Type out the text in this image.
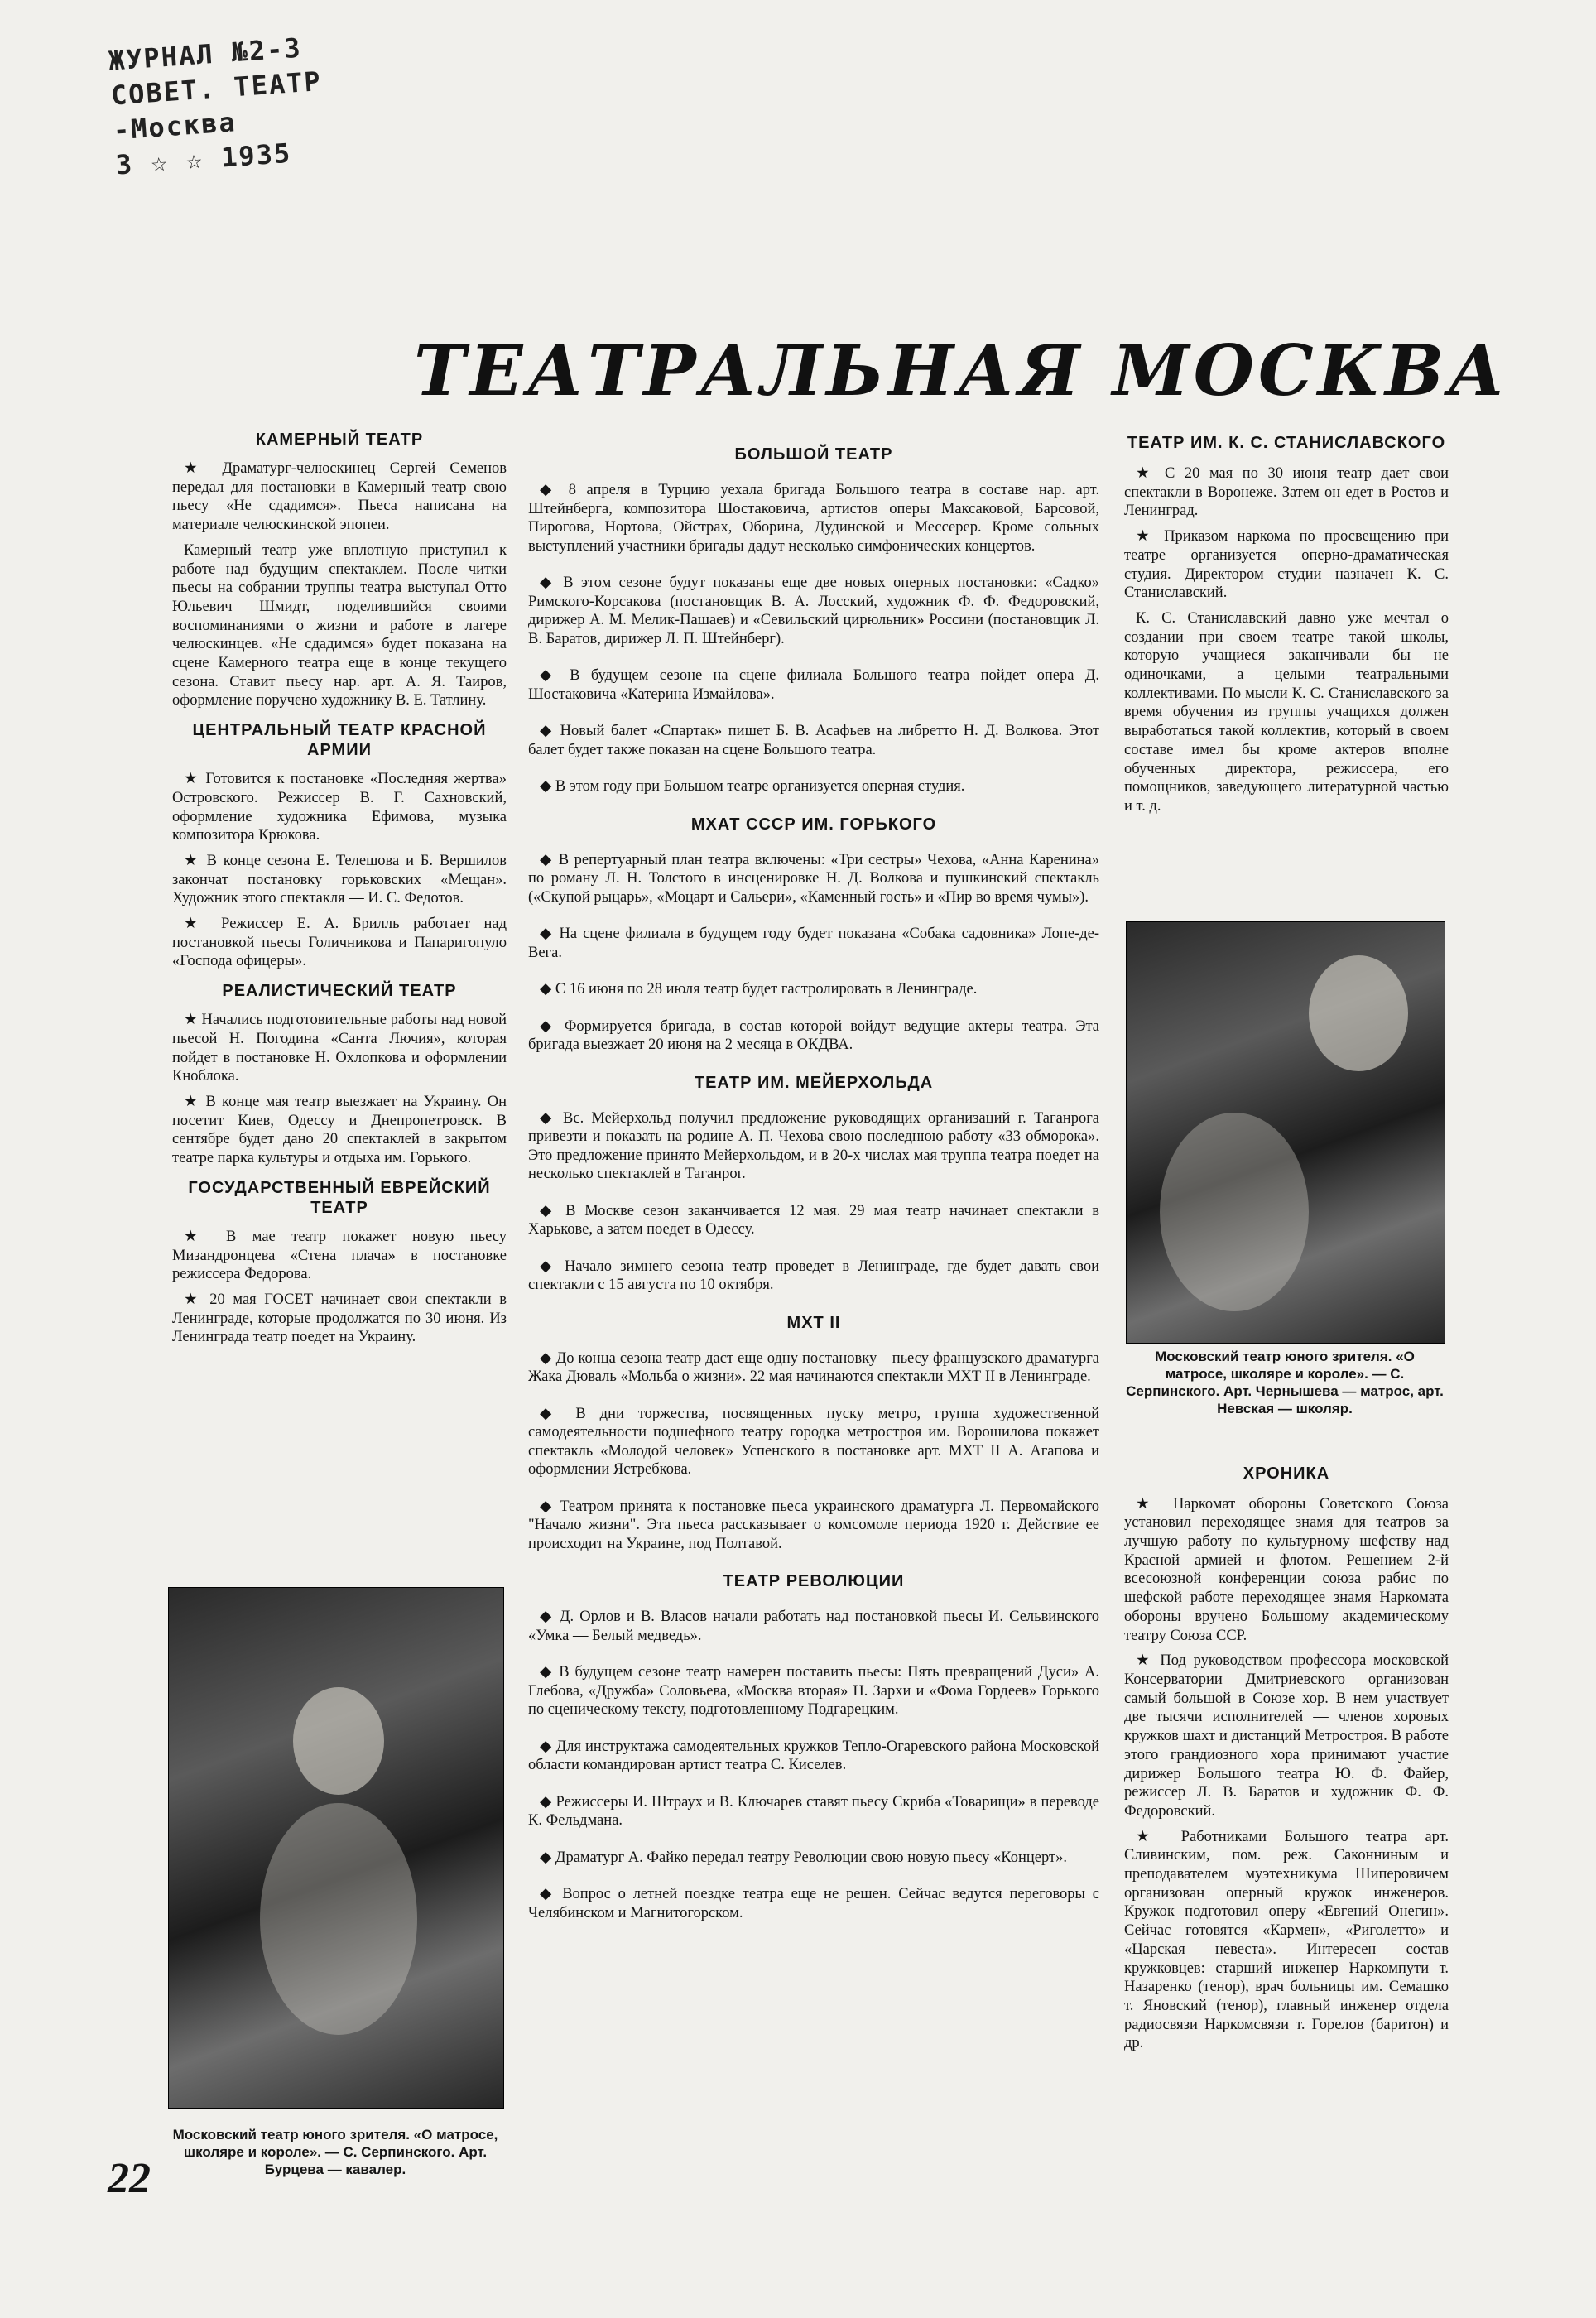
ЖУРНАЛ №2-3
СОВЕТ. ТЕАТР -Москва
3 ☆ ☆ 1935
ТЕАТРАЛЬНАЯ МОСКВА
КАМЕРНЫЙ ТЕАТР

★ Драматург-челюскинец Сергей Семенов передал для постановки в Камерный театр свою пьесу «Не сдадимся». Пьеса написана на материале челюскинской эпопеи.

Камерный театр уже вплотную приступил к работе над будущим спектаклем. После читки пьесы на собрании труппы театра выступал Отто Юльевич Шмидт, поделившийся своими воспоминаниями о жизни и работе в лагере челюскинцев. «Не сдадимся» будет показана на сцене Камерного театра еще в конце текущего сезона. Ставит пьесу нар. арт. А. Я. Таиров, оформление поручено художнику В. Е. Татлину.

ЦЕНТРАЛЬНЫЙ ТЕАТР КРАСНОЙ АРМИИ

★ Готовится к постановке «Последняя жертва» Островского. Режиссер В. Г. Сахновский, оформление художника Ефимова, музыка композитора Крюкова.

★ В конце сезона Е. Телешова и Б. Вершилов закончат постановку горьковских «Мещан». Художник этого спектакля — И. С. Федотов.

★ Режиссер Е. А. Брилль работает над постановкой пьесы Голичникова и Папаригопуло «Господа офицеры».

РЕАЛИСТИЧЕСКИЙ ТЕАТР

★ Начались подготовительные работы над новой пьесой Н. Погодина «Санта Лючия», которая пойдет в постановке Н. Охлопкова и оформлении Кноблока.

★ В конце мая театр выезжает на Украину. Он посетит Киев, Одессу и Днепропетровск. В сентябре будет дано 20 спектаклей в закрытом театре парка культуры и отдыха им. Горького.

ГОСУДАРСТВЕННЫЙ ЕВРЕЙСКИЙ ТЕАТР

★ В мае театр покажет новую пьесу Мизандронцева «Стена плача» в постановке режиссера Федорова.

★ 20 мая ГОСЕТ начинает свои спектакли в Ленинграде, которые продолжатся по 30 июня. Из Ленинграда театр поедет на Украину.

БОЛЬШОЙ ТЕАТР

◆ 8 апреля в Турцию уехала бригада Большого театра в составе нар. арт. Штейнберга, композитора Шостаковича, артистов оперы Максаковой, Барсовой, Пироговa, Нортова, Ойстрах, Оборина, Дудинской и Мессерер. Кроме сольных выступлений участники бригады дадут несколько симфонических концертов.

◆ В этом сезоне будут показаны еще две новых оперных постановки: «Садко» Римского-Корсакова (постановщик В. А. Лосский, художник Ф. Ф. Федоровский, дирижер А. М. Мелик-Пашаев) и «Севильский цирюльник» Россини (постановщик Л. В. Баратов, дирижер Л. П. Штейнберг).

◆ В будущем сезоне на сцене филиала Большого театра пойдет опера Д. Шостаковича «Катерина Измайлова».

◆ Новый балет «Спартак» пишет Б. В. Асафьев на либретто Н. Д. Волкова. Этот балет будет также показан на сцене Большого театра.

◆ В этом году при Большом театре организуется оперная студия.

МХАТ СССР ИМ. ГОРЬКОГО

◆ В репертуарный план театра включены: «Три сестры» Чехова, «Анна Каренина» по роману Л. Н. Толстого в инсценировке Н. Д. Волкова и пушкинский спектакль («Скупой рыцарь», «Моцарт и Сальери», «Каменный гость» и «Пир во время чумы»).

◆ На сцене филиала в будущем году будет показана «Собака садовника» Лопе-де-Вега.

◆ С 16 июня по 28 июля театр будет гастролировать в Ленинграде.

◆ Формируется бригада, в состав которой войдут ведущие актеры театра. Эта бригада выезжает 20 июня на 2 месяца в ОКДВА.

ТЕАТР ИМ. МЕЙЕРХОЛЬДА

◆ Вс. Мейерхольд получил предложение руководящих организаций г. Таганрога привезти и показать на родине А. П. Чехова свою последнюю работу «33 обморока». Это предложение принято Мейерхольдом, и в 20-х числах мая труппа театра поедет на несколько спектаклей в Таганрог.

◆ В Москве сезон заканчивается 12 мая. 29 мая театр начинает спектакли в Харькове, а затем поедет в Одессу.

◆ Начало зимнего сезона театр проведет в Ленинграде, где будет давать свои спектакли с 15 августа по 10 октября.

МХТ II

◆ До конца сезона театр даст еще одну постановку—пьесу французского драматурга Жака Дюваль «Мольба о жизни». 22 мая начинаются спектакли МХТ II в Ленинграде.

◆ В дни торжества, посвященных пуску метро, группа художественной самодеятельности подшефного театру городка метростроя им. Ворошилова покажет спектакль «Молодой человек» Успенского в постановке арт. МХТ II А. Агапова и оформлении Ястребкова.

◆ Театром принята к постановке пьеса украинского драматурга Л. Первомайского "Начало жизни". Эта пьеса рассказывает о комсомоле периода 1920 г. Действие ее происходит на Украине, под Полтавой.

ТЕАТР РЕВОЛЮЦИИ

◆ Д. Орлов и В. Власов начали работать над постановкой пьесы И. Сельвинского «Умка — Белый медведь».

◆ В будущем сезоне театр намерен поставить пьесы: Пять превращений Дуси» А. Глебова, «Дружба» Соловьева, «Москва вторая» Н. Зархи и «Фома Гордеев» Горького по сценическому тексту, подготовленному Подгарецким.

◆ Для инструктажа самодеятельных кружков Тепло-Огаревского района Московской области командирован артист театра С. Киселев.

◆ Режиссеры И. Штраух и В. Ключарев ставят пьесу Скриба «Товарищи» в переводе К. Фельдмана.

◆ Драматург А. Файко передал театру Революции свою новую пьесу «Концерт».

◆ Вопрос о летней поездке театра еще не решен. Сейчас ведутся переговоры с Челябинском и Магнитогорском.

ТЕАТР ИМ. К. С. СТАНИСЛАВСКОГО

★ С 20 мая по 30 июня театр дает свои спектакли в Воронеже. Затем он едет в Ростов и Ленинград.

★ Приказом наркома по просвещению при театре организуется оперно-драматическая студия. Директором студии назначен К. С. Станиславский.

К. С. Станиславский давно уже мечтал о создании при своем театре такой школы, которую учащиеся заканчивали бы не одиночками, а целыми театральными коллективами. По мысли К. С. Станиславского за время обучения из группы учащихся должен выработаться такой коллектив, который в своем составе имел бы кроме актеров вполне обученных директора, режиссера, его помощников, заведующего литературной частью и т. д.

ХРОНИКА

★ Наркомат обороны Советского Союза установил переходящее знамя для театров за лучшую работу по культурному шефству над Красной армией и флотом. Решением 2-й всесоюзной конференции союза рабис по шефской работе переходящее знамя Наркомата обороны вручено Большому академическому театру Союза ССР.

★ Под руководством профессора московской Консерватории Дмитриевского организован самый большой в Союзе хор. В нем участвует две тысячи исполнителей — членов хоровых кружков шахт и дистанций Метростроя. В работе этого грандиозного хора принимают участие дирижер Большого театра Ю. Ф. Файер, режиссер Л. В. Баратов и художник Ф. Ф. Федоровский.

★ Работниками Большого театра арт. Сливинским, пом. реж. Саконниным и преподавателем муэтехникума Шиперовичем организован оперный кружок инженеров. Кружок подготовил оперу «Евгений Онегин». Сейчас готовятся «Кармен», «Риголетто» и «Царская невеста». Интересен состав кружковцев: старший инженер Наркомпути т. Назаренко (тенор), врач больницы им. Семашко т. Яновский (тенор), главный инженер отдела радиосвязи Наркомсвязи т. Горелов (баритон) и др.

Московский театр юного зрителя. «О матросе, школяре и короле». — С. Серпинского. Арт. Бурцева — кавалер.
Московский театр юного зрителя. «О матросе, школяре и короле». — С. Серпинского. Арт. Чернышева — матрос, арт. Невская — школяр.
22
